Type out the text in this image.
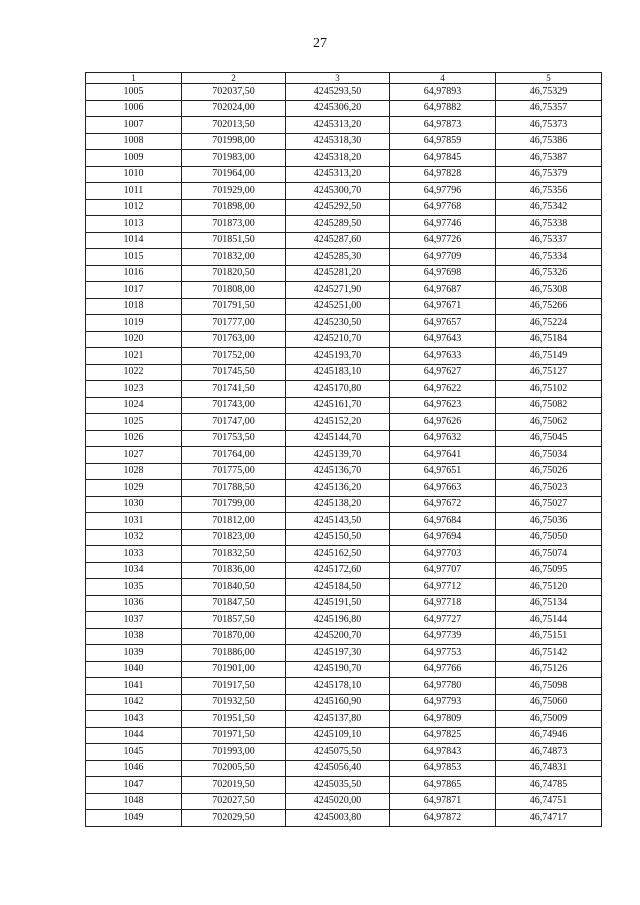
27
1	2	3	4	5
1005	702037,50	4245293,50	64,97893	46,75329
1006	702024,00	4245306,20	64,97882	46,75357
1007	702013,50	4245313,20	64,97873	46,75373
1008	701998,00	4245318,30	64,97859	46,75386
1009	701983,00	4245318,20	64,97845	46,75387
1010	701964,00	4245313,20	64,97828	46,75379
1011	701929,00	4245300,70	64,97796	46,75356
1012	701898,00	4245292,50	64,97768	46,75342
1013	701873,00	4245289,50	64,97746	46,75338
1014	701851,50	4245287,60	64,97726	46,75337
1015	701832,00	4245285,30	64,97709	46,75334
1016	701820,50	4245281,20	64,97698	46,75326
1017	701808,00	4245271,90	64,97687	46,75308
1018	701791,50	4245251,00	64,97671	46,75266
1019	701777,00	4245230,50	64,97657	46,75224
1020	701763,00	4245210,70	64,97643	46,75184
1021	701752,00	4245193,70	64,97633	46,75149
1022	701745,50	4245183,10	64,97627	46,75127
1023	701741,50	4245170,80	64,97622	46,75102
1024	701743,00	4245161,70	64,97623	46,75082
1025	701747,00	4245152,20	64,97626	46,75062
1026	701753,50	4245144,70	64,97632	46,75045
1027	701764,00	4245139,70	64,97641	46,75034
1028	701775,00	4245136,70	64,97651	46,75026
1029	701788,50	4245136,20	64,97663	46,75023
1030	701799,00	4245138,20	64,97672	46,75027
1031	701812,00	4245143,50	64,97684	46,75036
1032	701823,00	4245150,50	64,97694	46,75050
1033	701832,50	4245162,50	64,97703	46,75074
1034	701836,00	4245172,60	64,97707	46,75095
1035	701840,50	4245184,50	64,97712	46,75120
1036	701847,50	4245191,50	64,97718	46,75134
1037	701857,50	4245196,80	64,97727	46,75144
1038	701870,00	4245200,70	64,97739	46,75151
1039	701886,00	4245197,30	64,97753	46,75142
1040	701901,00	4245190,70	64,97766	46,75126
1041	701917,50	4245178,10	64,97780	46,75098
1042	701932,50	4245160,90	64,97793	46,75060
1043	701951,50	4245137,80	64,97809	46,75009
1044	701971,50	4245109,10	64,97825	46,74946
1045	701993,00	4245075,50	64,97843	46,74873
1046	702005,50	4245056,40	64,97853	46,74831
1047	702019,50	4245035,50	64,97865	46,74785
1048	702027,50	4245020,00	64,97871	46,74751
1049	702029,50	4245003,80	64,97872	46,74717
